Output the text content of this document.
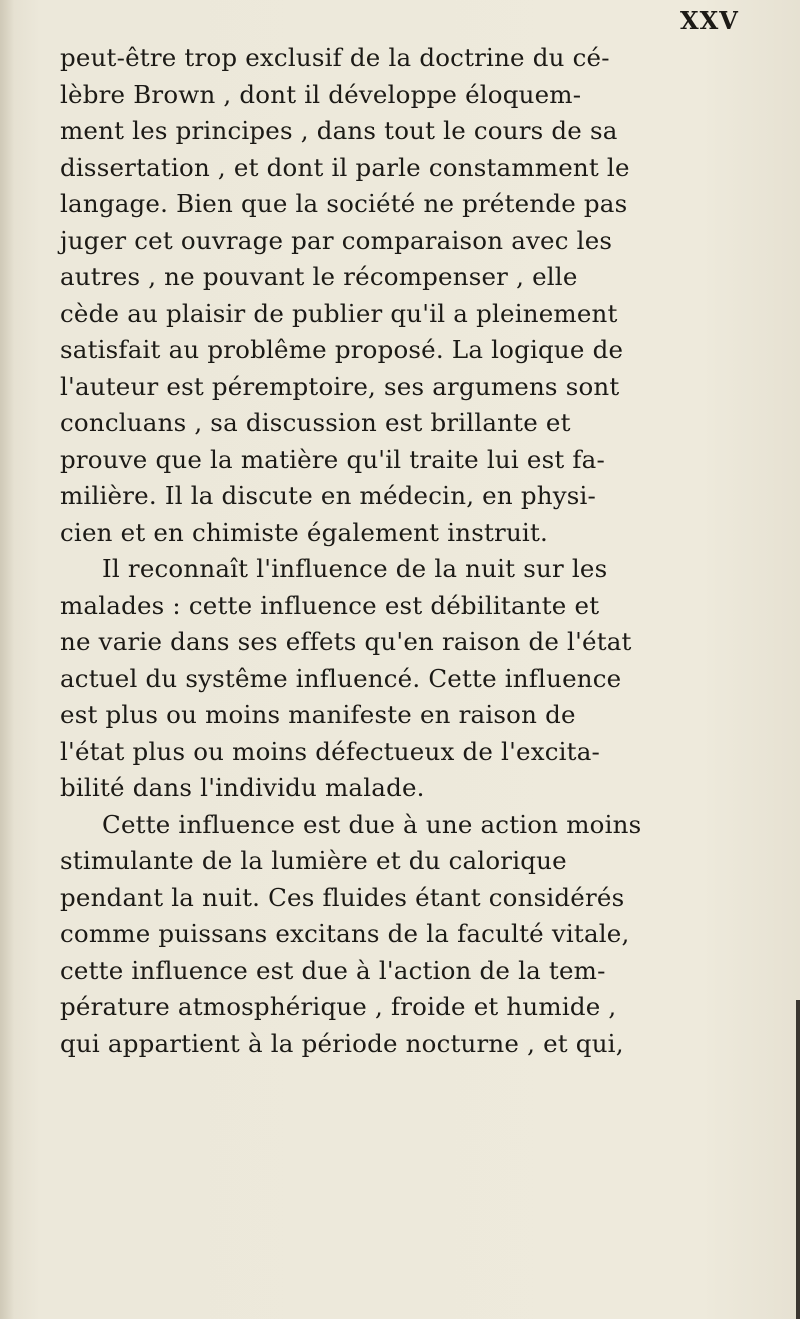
XXV
peut-être trop exclusif de la doctrine du cé-
lèbre Brown , dont il développe éloquem-
ment les principes , dans tout le cours de sa
dissertation , et dont il parle constamment le
langage. Bien que la société ne prétende pas
juger cet ouvrage par comparaison avec les
autres , ne pouvant le récompenser , elle
cède au plaisir de publier qu'il a pleinement
satisfait au problême proposé. La logique de
l'auteur est péremptoire, ses argumens sont
concluans , sa discussion est brillante et
prouve que la matière qu'il traite lui est fa-
milière. Il la discute en médecin, en physi-
cien et en chimiste également instruit.
Il reconnaît l'influence de la nuit sur les
malades : cette influence est débilitante et
ne varie dans ses effets qu'en raison de l'état
actuel du systême influencé. Cette influence
est plus ou moins manifeste en raison de
l'état plus ou moins défectueux de l'excita-
bilité dans l'individu malade.
Cette influence est due à une action moins
stimulante de la lumière et du calorique
pendant la nuit. Ces fluides étant considérés
comme puissans excitans de la faculté vitale,
cette influence est due à l'action de la tem-
pérature atmosphérique , froide et humide ,
qui appartient à la période nocturne , et qui,
